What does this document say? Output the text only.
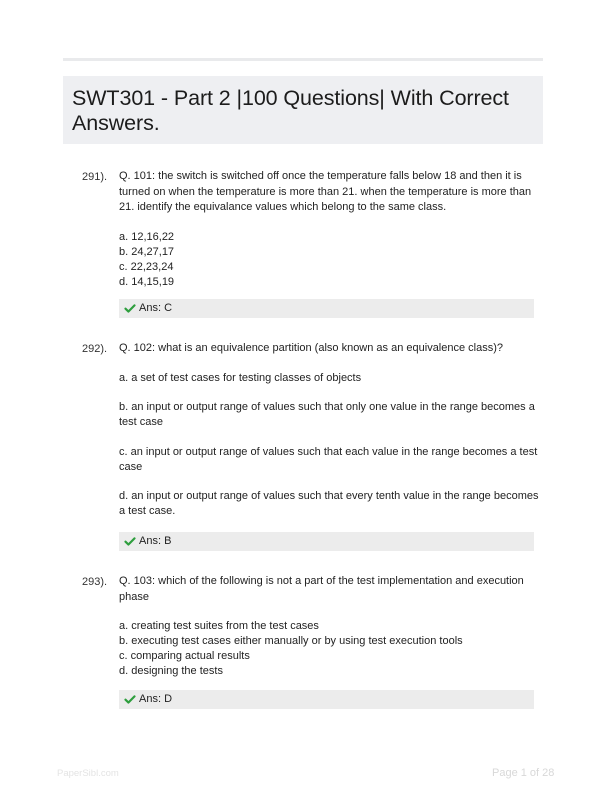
SWT301 - Part 2 |100 Questions| With Correct Answers.
291). Q. 101: the switch is switched off once the temperature falls below 18 and then it is turned on when the temperature is more than 21. when the temperature is more than 21. identify the equivalance values which belong to the same class.
a. 12,16,22
b. 24,27,17
c. 22,23,24
d. 14,15,19
Ans: C
292). Q. 102: what is an equivalence partition (also known as an equivalence class)?
a. a set of test cases for testing classes of objects
b. an input or output range of values such that only one value in the range becomes a test case
c. an input or output range of values such that each value in the range becomes a test case
d. an input or output range of values such that every tenth value in the range becomes a test case.
Ans: B
293). Q. 103: which of the following is not a part of the test implementation and execution phase
a. creating test suites from the test cases
b. executing test cases either manually or by using test execution tools
c. comparing actual results
d. designing the tests
Ans: D
PaperSibl.com	Page 1 of 28
